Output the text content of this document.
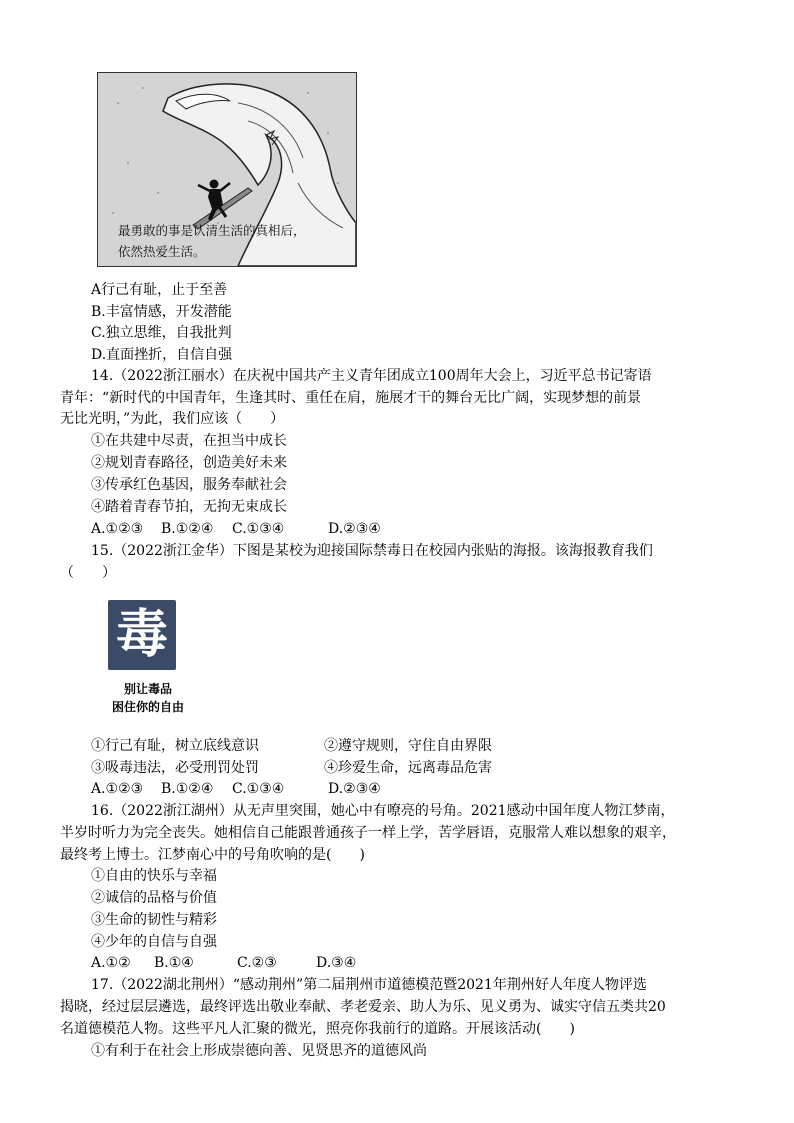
最勇敢的事是认清生活的真相后，
依然热爱生活。
A行己有耻，止于至善
B.丰富情感，开发潜能
C.独立思维，自我批判
D.直面挫折，自信自强
14.（2022浙江丽水）在庆祝中国共产主义青年团成立100周年大会上，习近平总书记寄语
青年：“新时代的中国青年，生逢其时、重任在肩，施展才干的舞台无比广阔，实现梦想的前景
无比光明，”为此，我们应该（　　）
①在共建中尽责，在担当中成长
②规划青春路径，创造美好未来
③传承红色基因，服务奉献社会
④踏着青春节拍，无拘无束成长
A.①②③ B.①②④ C.①③④	D.②③④
15.（2022浙江金华）下图是某校为迎接国际禁毒日在校园内张贴的海报。该海报教育我们
（　　）
毒
别让毒品
困住你的自由
①行己有耻，树立底线意识	②遵守规则，守住自由界限
③吸毒违法，必受刑罚处罚	④珍爱生命，远离毒品危害
A.①②③ B.①②④ C.①③④	D.②③④
16.（2022浙江湖州）从无声里突围，她心中有嘹亮的号角。2021感动中国年度人物江梦南，
半岁时听力为完全丧失。她相信自己能跟普通孩子一样上学，苦学唇语，克服常人难以想象的艰辛，
最终考上博士。江梦南心中的号角吹响的是(　　)
①自由的快乐与幸福
②诚信的品格与价值
③生命的韧性与精彩
④少年的自信与自强
A.①② B.①④	C.②③	D.③④
17.（2022湖北荆州）“感动荆州”第二届荆州市道德模范暨2021年荆州好人年度人物评选
揭晓，经过层层遴选，最终评选出敬业奉献、孝老爱亲、助人为乐、见义勇为、诚实守信五类共20
名道德模范人物。这些平凡人汇聚的微光，照亮你我前行的道路。开展该活动(　　)
①有利于在社会上形成崇德向善、见贤思齐的道德风尚
